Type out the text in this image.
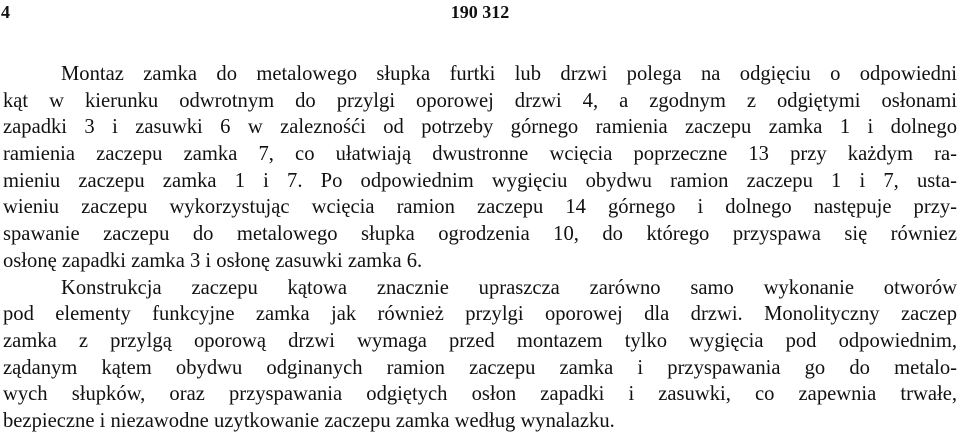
4	190 312

Montaz zamka do metalowego słupka furtki lub drzwi polega na odgięciu o odpowiedni
kąt w kierunku odwrotnym do przylgi oporowej drzwi 4, a zgodnym z odgiętymi osłonami
zapadki 3 i zasuwki 6 w zaleznośći od potrzeby górnego ramienia zaczepu zamka 1 i dolnego
ramienia zaczepu zamka 7, co ułatwiają dwustronne wcięcia poprzeczne 13 przy każdym ra-
mieniu zaczepu zamka 1 i 7. Po odpowiednim wygięciu obydwu ramion zaczepu 1 i 7, usta-
wieniu zaczepu wykorzystując wcięcia ramion zaczepu 14 górnego i dolnego następuje przy-
spawanie zaczepu do metalowego słupka ogrodzenia 10, do którego przyspawa się równiez
osłonę zapadki zamka 3 i osłonę zasuwki zamka 6.

Konstrukcja zaczepu kątowa znacznie upraszcza zarówno samo wykonanie otworów
pod elementy funkcyjne zamka jak również przylgi oporowej dla drzwi. Monolityczny zaczep
zamka z przylgą oporową drzwi wymaga przed montazem tylko wygięcia pod odpowiednim,
ządanym kątem obydwu odginanych ramion zaczepu zamka i przyspawania go do metalo-
wych słupków, oraz przyspawania odgiętych osłon zapadki i zasuwki, co zapewnia trwałe,
bezpieczne i niezawodne uzytkowanie zaczepu zamka według wynalazku.
